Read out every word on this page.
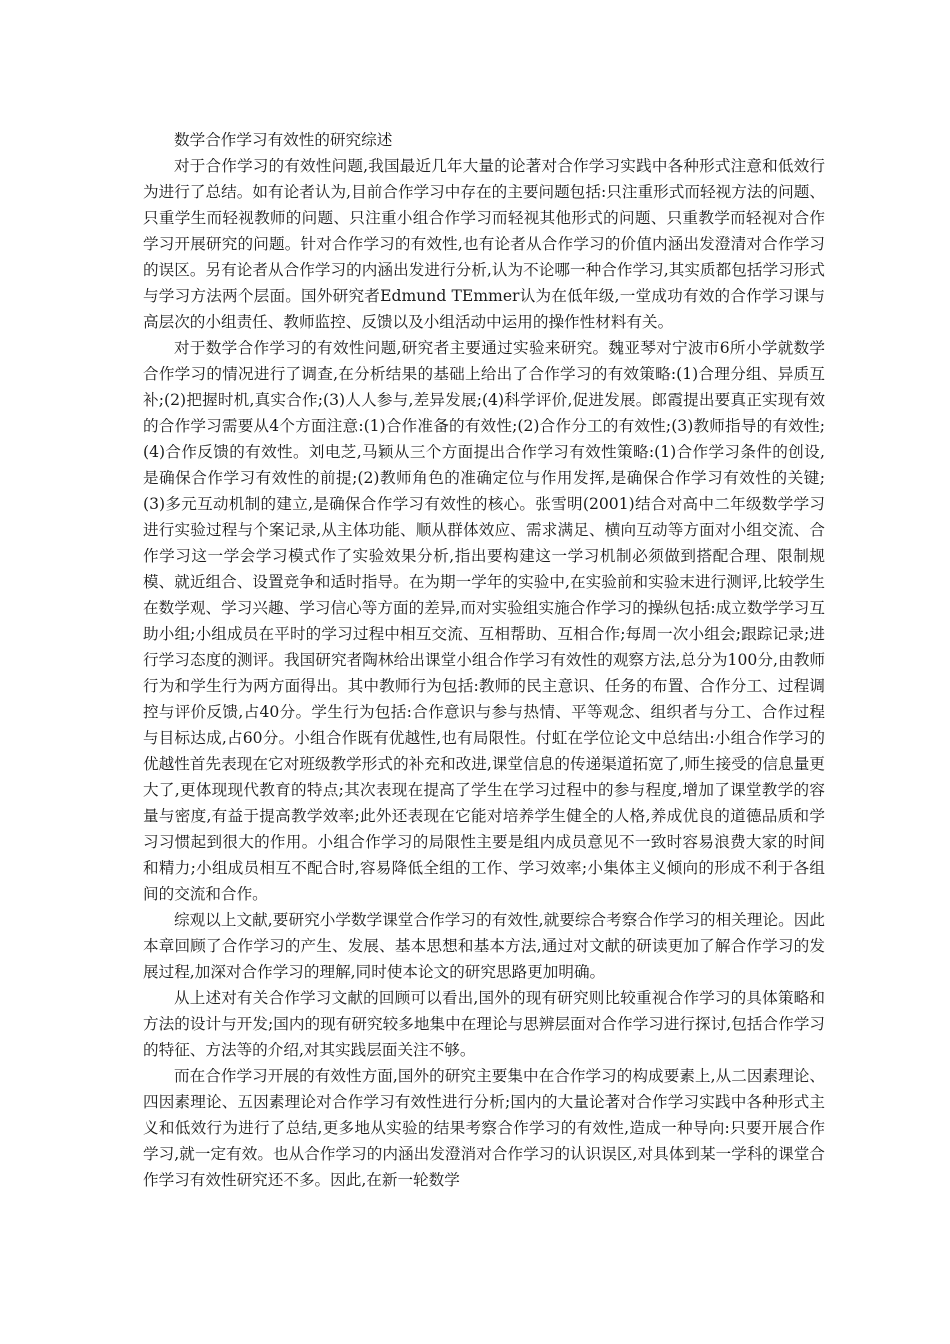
数学合作学习有效性的研究综述

对于合作学习的有效性问题,我国最近几年大量的论著对合作学习实践中各种形式注意和低效行为进行了总结。如有论者认为,目前合作学习中存在的主要问题包括:只注重形式而轻视方法的问题、只重学生而轻视教师的问题、只注重小组合作学习而轻视其他形式的问题、只重教学而轻视对合作学习开展研究的问题。针对合作学习的有效性,也有论者从合作学习的价值内涵出发澄清对合作学习的误区。另有论者从合作学习的内涵出发进行分析,认为不论哪一种合作学习,其实质都包括学习形式与学习方法两个层面。国外研究者Edmund TEmmer认为在低年级,一堂成功有效的合作学习课与高层次的小组责任、教师监控、反馈以及小组活动中运用的操作性材料有关。

对于数学合作学习的有效性问题,研究者主要通过实验来研究。魏亚琴对宁波市6所小学就数学合作学习的情况进行了调查,在分析结果的基础上给出了合作学习的有效策略:(1)合理分组、异质互补;(2)把握时机,真实合作;(3)人人参与,差异发展;(4)科学评价,促进发展。郎霞提出要真正实现有效的合作学习需要从4个方面注意:(1)合作准备的有效性;(2)合作分工的有效性;(3)教师指导的有效性;(4)合作反馈的有效性。刘电芝,马颖从三个方面提出合作学习有效性策略:(1)合作学习条件的创设,是确保合作学习有效性的前提;(2)教师角色的准确定位与作用发挥,是确保合作学习有效性的关键;(3)多元互动机制的建立,是确保合作学习有效性的核心。张雪明(2001)结合对高中二年级数学学习进行实验过程与个案记录,从主体功能、顺从群体效应、需求满足、横向互动等方面对小组交流、合作学习这一学会学习模式作了实验效果分析,指出要构建这一学习机制必须做到搭配合理、限制规模、就近组合、设置竞争和适时指导。在为期一学年的实验中,在实验前和实验末进行测评,比较学生在数学观、学习兴趣、学习信心等方面的差异,而对实验组实施合作学习的操纵包括:成立数学学习互助小组;小组成员在平时的学习过程中相互交流、互相帮助、互相合作;每周一次小组会;跟踪记录;进行学习态度的测评。我国研究者陶林给出课堂小组合作学习有效性的观察方法,总分为100分,由教师行为和学生行为两方面得出。其中教师行为包括:教师的民主意识、任务的布置、合作分工、过程调控与评价反馈,占40分。学生行为包括:合作意识与参与热情、平等观念、组织者与分工、合作过程与目标达成,占60分。小组合作既有优越性,也有局限性。付虹在学位论文中总结出:小组合作学习的优越性首先表现在它对班级教学形式的补充和改进,课堂信息的传递渠道拓宽了,师生接受的信息量更大了,更体现现代教育的特点;其次表现在提高了学生在学习过程中的参与程度,增加了课堂教学的容量与密度,有益于提高教学效率;此外还表现在它能对培养学生健全的人格,养成优良的道德品质和学习习惯起到很大的作用。小组合作学习的局限性主要是组内成员意见不一致时容易浪费大家的时间和精力;小组成员相互不配合时,容易降低全组的工作、学习效率;小集体主义倾向的形成不利于各组间的交流和合作。

综观以上文献,要研究小学数学课堂合作学习的有效性,就要综合考察合作学习的相关理论。因此本章回顾了合作学习的产生、发展、基本思想和基本方法,通过对文献的研读更加了解合作学习的发展过程,加深对合作学习的理解,同时使本论文的研究思路更加明确。

从上述对有关合作学习文献的回顾可以看出,国外的现有研究则比较重视合作学习的具体策略和方法的设计与开发;国内的现有研究较多地集中在理论与思辨层面对合作学习进行探讨,包括合作学习的特征、方法等的介绍,对其实践层面关注不够。

而在合作学习开展的有效性方面,国外的研究主要集中在合作学习的构成要素上,从二因素理论、四因素理论、五因素理论对合作学习有效性进行分析;国内的大量论著对合作学习实践中各种形式主义和低效行为进行了总结,更多地从实验的结果考察合作学习的有效性,造成一种导向:只要开展合作学习,就一定有效。也从合作学习的内涵出发澄消对合作学习的认识误区,对具体到某一学科的课堂合作学习有效性研究还不多。因此,在新一轮数学
